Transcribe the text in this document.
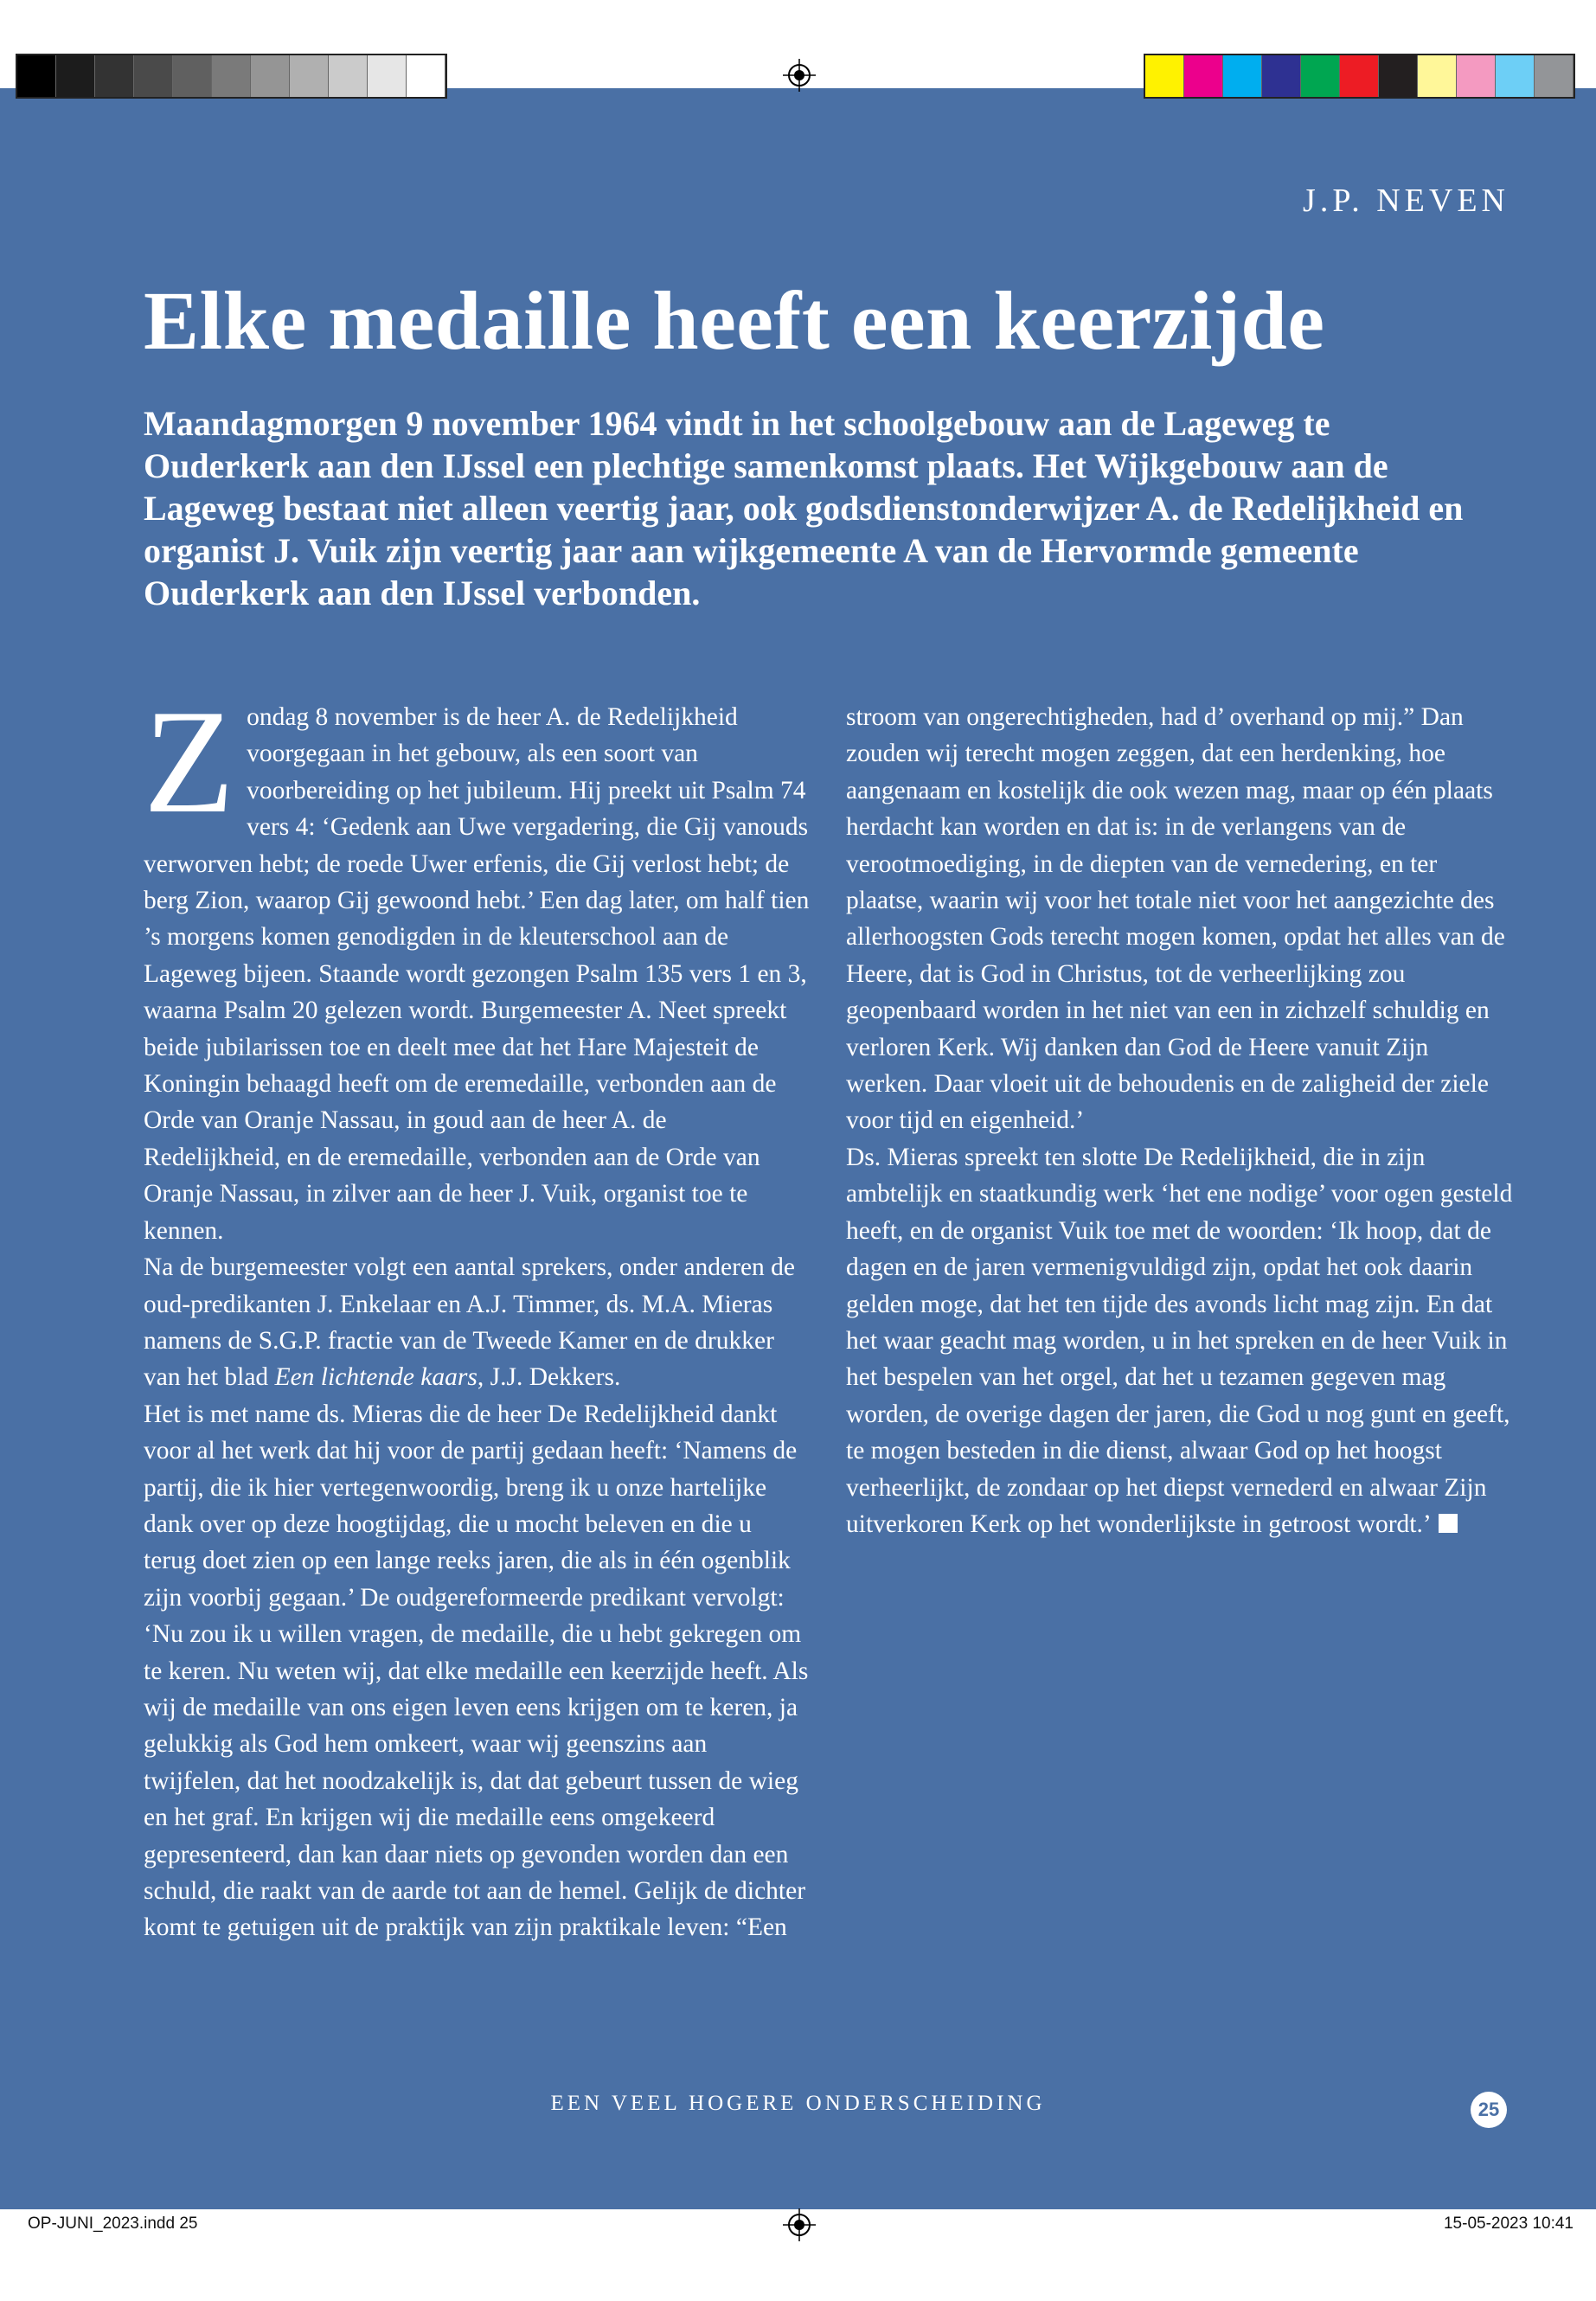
J.P. NEVEN
Elke medaille heeft een keerzijde

Maandagmorgen 9 november 1964 vindt in het schoolgebouw aan de Lageweg te Ouderkerk aan den IJssel een plechtige samenkomst plaats. Het Wijkgebouw aan de Lageweg bestaat niet alleen veertig jaar, ook godsdienstonderwijzer A. de Redelijkheid en organist J. Vuik zijn veertig jaar aan wijkgemeente A van de Hervormde gemeente Ouderkerk aan den IJssel verbonden.

Zondag 8 november is de heer A. de Redelijkheid voorgegaan in het gebouw, als een soort van voorbereiding op het jubileum. Hij preekt uit Psalm 74 vers 4: ‘Gedenk aan Uwe vergadering, die Gij vanouds verworven hebt; de roede Uwer erfenis, die Gij verlost hebt; de berg Zion, waarop Gij gewoond hebt.’ Een dag later, om half tien ’s morgens komen genodigden in de kleuterschool aan de Lageweg bijeen. Staande wordt gezongen Psalm 135 vers 1 en 3, waarna Psalm 20 gelezen wordt. Burgemeester A. Neet spreekt beide jubilarissen toe en deelt mee dat het Hare Majesteit de Koningin behaagd heeft om de eremedaille, verbonden aan de Orde van Oranje Nassau, in goud aan de heer A. de Redelijkheid, en de eremedaille, verbonden aan de Orde van Oranje Nassau, in zilver aan de heer J. Vuik, organist toe te kennen.

Na de burgemeester volgt een aantal sprekers, onder anderen de oud-predikanten J. Enkelaar en A.J. Timmer, ds. M.A. Mieras namens de S.G.P. fractie van de Tweede Kamer en de drukker van het blad Een lichtende kaars, J.J. Dekkers.

Het is met name ds. Mieras die de heer De Redelijkheid dankt voor al het werk dat hij voor de partij gedaan heeft: ‘Namens de partij, die ik hier vertegenwoordig, breng ik u onze hartelijke dank over op deze hoogtijdag, die u mocht beleven en die u terug doet zien op een lange reeks jaren, die als in één ogenblik zijn voorbij gegaan.’ De oudgereformeerde predikant vervolgt: ‘Nu zou ik u willen vragen, de medaille, die u hebt gekregen om te keren. Nu weten wij, dat elke medaille een keerzijde heeft. Als wij de medaille van ons eigen leven eens krijgen om te keren, ja gelukkig als God hem omkeert, waar wij geenszins aan twijfelen, dat het noodzakelijk is, dat dat gebeurt tussen de wieg en het graf. En krijgen wij die medaille eens omgekeerd gepresenteerd, dan kan daar niets op gevonden worden dan een schuld, die raakt van de aarde tot aan de hemel. Gelijk de dichter komt te getuigen uit de praktijk van zijn praktikale leven: “Een

stroom van ongerechtigheden, had d’ overhand op mij.” Dan zouden wij terecht mogen zeggen, dat een herdenking, hoe aangenaam en kostelijk die ook wezen mag, maar op één plaats herdacht kan worden en dat is: in de verlangens van de verootmoediging, in de diepten van de vernedering, en ter plaatse, waarin wij voor het totale niet voor het aangezichte des allerhoogsten Gods terecht mogen komen, opdat het alles van de Heere, dat is God in Christus, tot de verheerlijking zou geopenbaard worden in het niet van een in zichzelf schuldig en verloren Kerk. Wij danken dan God de Heere vanuit Zijn werken. Daar vloeit uit de behoudenis en de zaligheid der ziele voor tijd en eigenheid.’

Ds. Mieras spreekt ten slotte De Redelijkheid, die in zijn ambtelijk en staatkundig werk ‘het ene nodige’ voor ogen gesteld heeft, en de organist Vuik toe met de woorden: ‘Ik hoop, dat de dagen en de jaren vermenigvuldigd zijn, opdat het ook daarin gelden moge, dat het ten tijde des avonds licht mag zijn. En dat het waar geacht mag worden, u in het spreken en de heer Vuik in het bespelen van het orgel, dat het u tezamen gegeven mag worden, de overige dagen der jaren, die God u nog gunt en geeft, te mogen besteden in die dienst, alwaar God op het hoogst verheerlijkt, de zondaar op het diepst vernederd en alwaar Zijn uitverkoren Kerk op het wonderlijkste in getroost wordt.’

EEN VEEL HOGERE ONDERSCHEIDING	25
OP-JUNI_2023.indd 25	15-05-2023 10:41
